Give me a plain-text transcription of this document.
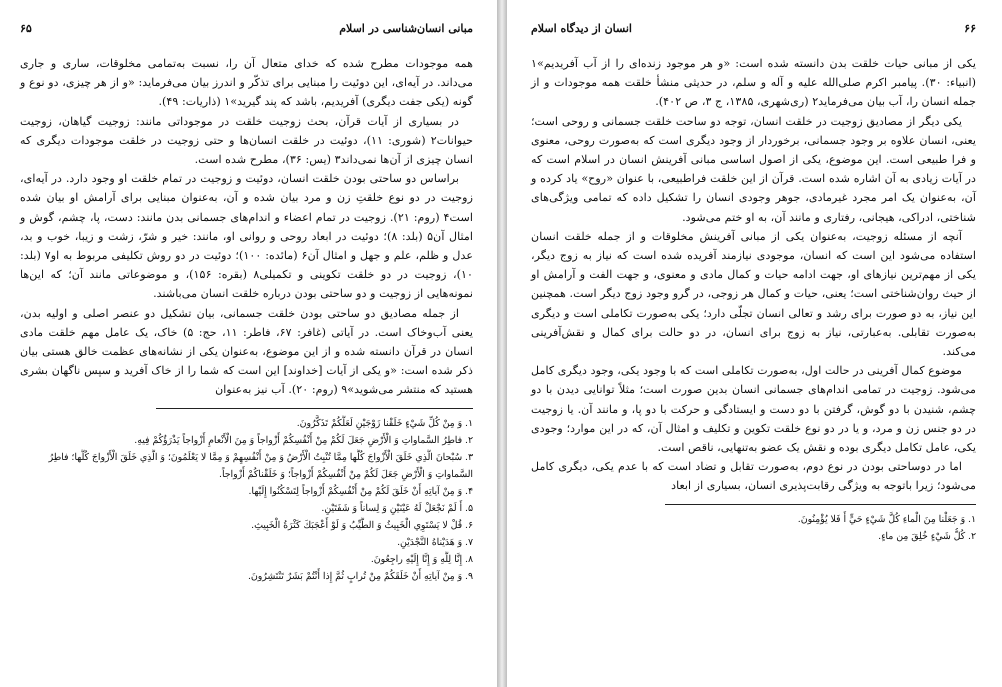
مبانی انسان‌شناسی در اسلام
۶۵

همه موجودات مطرح شده که خدای متعال آن را، نسبت به‌تمامی مخلوقات، ساری و جاری می‌داند. در آیه‌ای، این دوئیت را مبنایی برای تذکّر و اندرز بیان می‌فرماید: «و از هر چیزی، دو نوع و گونه (یکی جفت دیگری) آفریدیم، باشد که پند گیرید»۱ (ذاریات: ۴۹).

در بسیاری از آیات قرآن، بحث زوجیت خلقت در موجوداتی مانند: زوجیت گیاهان، زوجیت حیوانات۲ (شوری: ۱۱)، دوئیت در خلقت انسان‌ها و حتی زوجیت در خلقت موجودات دیگری که انسان چیزی از آن‌ها نمی‌داند۳ (یس: ۳۶)، مطرح شده است.

براساس دو ساحتی بودن خلقت انسان، دوئیت و زوجیت در تمام خلقت او وجود دارد. در آیه‌ای، زوجیت در دو نوع خلقتِ زن و مرد بیان شده و آن، به‌عنوان مبنایی برای آرامش او بیان شده است۴ (روم: ۲۱). زوجیت در تمام اعضاء و اندام‌های جسمانی بدن مانند: دست، پا، چشم، گوش و امثال آن۵ (بلد: ۸)؛ دوئیت در ابعاد روحی و روانی او، مانند: خیر و شرّ، زشت و زیبا، خوب و بد، عدل و ظلم، علم و جهل و امثال آن۶ (مائده: ۱۰۰)؛ دوئیت در دو روش تکلیفی مربوط به او۷ (بلد: ۱۰)، زوجیت در دو خلقت تکوینی و تکمیلی۸ (بقره: ۱۵۶)، و موضوعاتی مانند آن؛ که این‌ها نمونه‌هایی از زوجیت و دو ساحتی بودن درباره خلقت انسان می‌باشند.

از جمله مصادیق دو ساحتی بودن خلقت جسمانی، بیان تشکیل دو عنصر اصلی و اولیه بدن، یعنی آب‌وخاک است. در آیاتی (غافر: ۶۷، فاطر: ۱۱، حج: ۵) خاک، یک عامل مهم خلقت مادی انسان در قرآن دانسته شده و از این موضوع، به‌عنوان یکی از نشانه‌های عظمت خالق هستی بیان ذکر شده است: «و یکی از آیات [خداوند] این است که شما را از خاک آفرید و سپس ناگهان بشری هستید که منتشر می‌شوید»۹ (روم: ۲۰). آب نیز به‌عنوان

۱. وَ مِنْ كُلِّ شَيْءٍ خَلَقْنا زَوْجَيْنِ لَعَلَّكُمْ تَذَكَّرُونَ.

۲. فاطِرُ السَّماواتِ وَ الْأَرْضِ جَعَلَ لَكُمْ مِنْ أَنْفُسِكُمْ أَزْواجاً وَ مِنَ الْأَنْعامِ أَزْواجاً يَذْرَؤُكُمْ فِيهِ.

۳. سُبْحانَ الَّذِي خَلَقَ الْأَزْواجَ كُلَّها مِمَّا تُنْبِتُ الْأَرْضُ وَ مِنْ أَنْفُسِهِمْ وَ مِمَّا لا يَعْلَمُونَ؛ وَ الَّذِي خَلَقَ الْأَزْواجَ كُلَّها؛ فاطِرُ السَّماواتِ وَ الْأَرْضِ جَعَلَ لَكُمْ مِنْ أَنْفُسِكُمْ أَزْواجاً؛ وَ خَلَقْناكُمْ أَزْواجاً.

۴. وَ مِنْ آياتِهِ أَنْ خَلَقَ لَكُمْ مِنْ أَنْفُسِكُمْ أَزْواجاً لِتَسْكُنُوا إِلَيْها.

۵. أَ لَمْ نَجْعَلْ لَهُ عَيْنَيْنِ وَ لِساناً وَ شَفَتَيْنِ.

۶. قُلْ لا يَسْتَوِي الْخَبِيثُ وَ الطَّيِّبُ وَ لَوْ أَعْجَبَكَ كَثْرَةُ الْخَبِيثِ.

۷. وَ هَدَيْناهُ النَّجْدَيْنِ.

۸. إِنَّا لِلَّهِ وَ إِنَّا إِلَيْهِ راجِعُونَ.

۹. وَ مِنْ آياتِهِ أَنْ خَلَقَكُمْ مِنْ تُرابٍ ثُمَّ إِذا أَنْتُمْ بَشَرٌ تَنْتَشِرُونَ.

۶۶
انسان از دیدگاه اسلام

یکی از مبانی حیات خلقت بدن دانسته شده است: «و هر موجود زنده‌ای را از آب آفریدیم»۱ (انبیاء: ۳۰). پیامبر اکرم صلی‌الله علیه و آله و سلم، در حدیثی منشأ خلقت همه موجودات و از جمله انسان را، آب بیان می‌فرماید۲ (ری‌شهری، ۱۳۸۵، ج ۳، ص ۴۰۲).

یکی دیگر از مصادیق زوجیت در خلقت انسان، توجه دو ساحت خلقت جسمانی و روحی است؛ یعنی، انسان علاوه بر وجود جسمانی، برخوردار از وجود دیگری است که به‌صورت روحی، معنوی و فرا طبیعی است. این موضوع، یکی از اصول اساسی مبانی آفرینش انسان در اسلام است که در آیات زیادی به آن اشاره شده است. قرآن از این خلقت فراطبیعی، با عنوان «روح» یاد کرده و آن، به‌عنوان یک امر مجرد غیرمادی، جوهر وجودی انسان را تشکیل داده که تمامی ویژگی‌های شناختی، ادراکی، هیجانی، رفتاری و مانند آن، به او ختم می‌شود.

آنچه از مسئله زوجیت، به‌عنوان یکی از مبانی آفرینش مخلوقات و از جمله خلقت انسان استفاده می‌شود این است که انسان، موجودی نیازمند آفریده شده است که نیاز به زوج دیگر، یکی از مهم‌ترین نیازهای او، جهت ادامه حیات و کمال مادی و معنوی، و جهت الفت و آرامش او از حیث روان‌شناختی است؛ یعنی، حیات و کمال هر زوجی، در گرو وجود زوج دیگر است. همچنین این نیاز، به دو صورت برای رشد و تعالی انسان تجلّی دارد؛ یکی به‌صورت تکاملی است و دیگری به‌صورت تقابلی. به‌عبارتی، نیاز به زوج برای انسان، در دو حالت برای کمال و نقش‌آفرینی می‌کند.

موضوع کمال آفرینی در حالت اول، به‌صورت تکاملی است که با وجود یکی، وجود دیگری کامل می‌شود. زوجیت در تمامی اندام‌های جسمانی انسان بدین صورت است؛ مثلاً توانایی دیدن با دو چشم، شنیدن با دو گوش، گرفتن با دو دست و ایستادگی و حرکت با دو پا، و مانند آن. یا زوجیت در دو جنس زن و مرد، و یا در دو نوع خلقت تکوین و تکلیف و امثال آن، که در این موارد؛ وجودی یکی، عامل تکامل دیگری بوده و نقش یک عضو به‌تنهایی، ناقص است.

اما در دوساحتی بودن در نوع دوم، به‌صورت تقابل و تضاد است که با عدم یکی، دیگری کامل می‌شود؛ زیرا باتوجه به ویژگی رقابت‌پذیری انسان، بسیاری از ابعاد

۱. وَ جَعَلْنا مِنَ الْماءِ كُلَّ شَيْءٍ حَيٍّ أَ فَلا يُؤْمِنُونَ.

۲. كُلُّ شَيْءٍ خُلِقَ مِن ماءٍ.
